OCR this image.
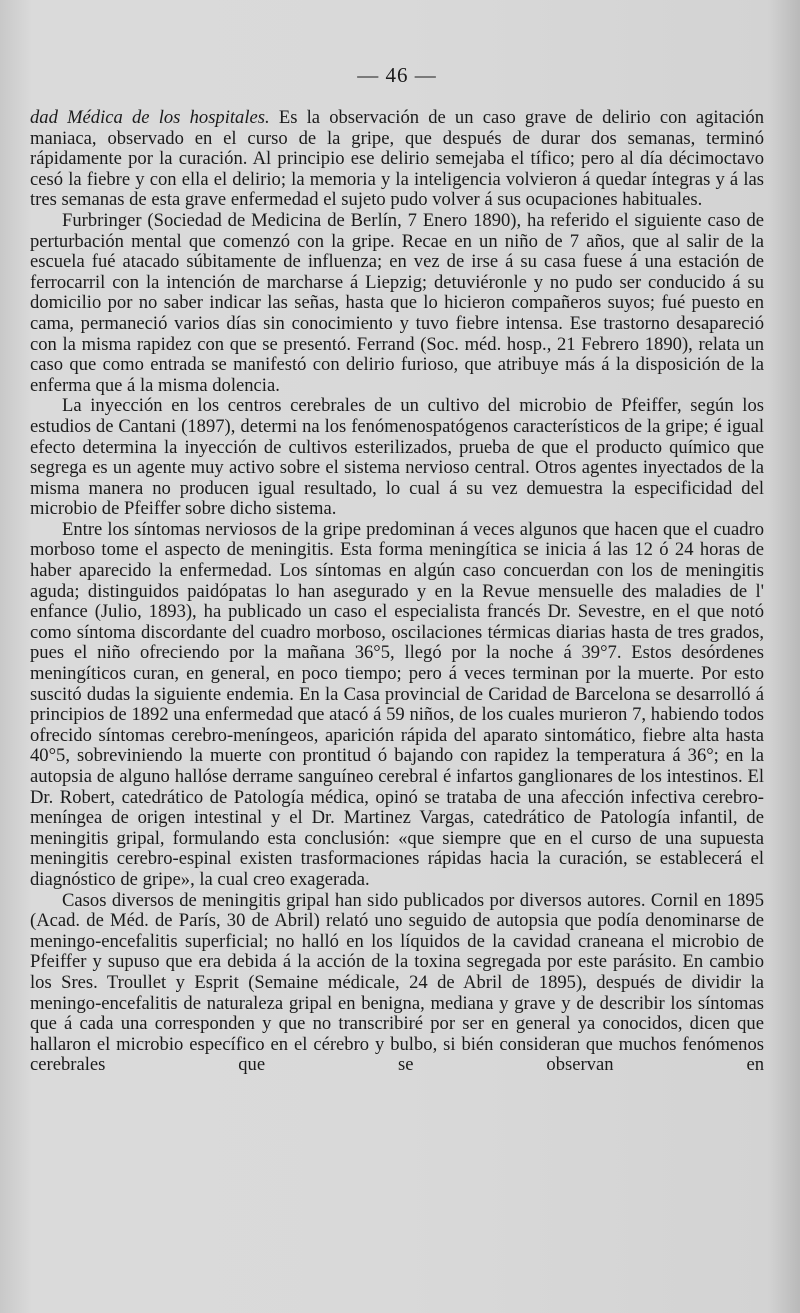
— 46 —

dad Médica de los hospitales. Es la observación de un caso grave de delirio con agitación maniaca, observado en el curso de la gripe, que después de durar dos semanas, terminó rápidamente por la curación. Al principio ese delirio semejaba el tífico; pero al día décimoctavo cesó la fiebre y con ella el delirio; la memoria y la inteligencia volvieron á quedar íntegras y á las tres semanas de esta grave enfermedad el sujeto pudo volver á sus ocupaciones habituales.

Furbringer (Sociedad de Medicina de Berlín, 7 Enero 1890), ha referido el siguiente caso de perturbación mental que comenzó con la gripe. Recae en un niño de 7 años, que al salir de la escuela fué atacado súbitamente de influenza; en vez de irse á su casa fuese á una estación de ferrocarril con la intención de marcharse á Liepzig; detuviéronle y no pudo ser conducido á su domicilio por no saber indicar las señas, hasta que lo hicieron compañeros suyos; fué puesto en cama, permaneció varios días sin conocimiento y tuvo fiebre intensa. Ese trastorno desapareció con la misma rapidez con que se presentó. Ferrand (Soc. méd. hosp., 21 Febrero 1890), relata un caso que como entrada se manifestó con delirio furioso, que atribuye más á la disposición de la enferma que á la misma dolencia.

La inyección en los centros cerebrales de un cultivo del microbio de Pfeiffer, según los estudios de Cantani (1897), determi na los fenómenospatógenos característicos de la gripe; é igual efecto determina la inyección de cultivos esterilizados, prueba de que el producto químico que segrega es un agente muy activo sobre el sistema nervioso central. Otros agentes inyectados de la misma manera no producen igual resultado, lo cual á su vez demuestra la especificidad del microbio de Pfeiffer sobre dicho sistema.

Entre los síntomas nerviosos de la gripe predominan á veces algunos que hacen que el cuadro morboso tome el aspecto de meningitis. Esta forma meningítica se inicia á las 12 ó 24 horas de haber aparecido la enfermedad. Los síntomas en algún caso concuerdan con los de meningitis aguda; distinguidos paidópatas lo han asegurado y en la Revue mensuelle des maladies de l' enfance (Julio, 1893), ha publicado un caso el especialista francés Dr. Sevestre, en el que notó como síntoma discordante del cuadro morboso, oscilaciones térmicas diarias hasta de tres grados, pues el niño ofreciendo por la mañana 36°5, llegó por la noche á 39°7. Estos desórdenes meningíticos curan, en general, en poco tiempo; pero á veces terminan por la muerte. Por esto suscitó dudas la siguiente endemia. En la Casa provincial de Caridad de Barcelona se desarrolló á principios de 1892 una enfermedad que atacó á 59 niños, de los cuales murieron 7, habiendo todos ofrecido síntomas cerebro-meníngeos, aparición rápida del aparato sintomático, fiebre alta hasta 40°5, sobreviniendo la muerte con prontitud ó bajando con rapidez la temperatura á 36°; en la autopsia de alguno hallóse derrame sanguíneo cerebral é infartos ganglionares de los intestinos. El Dr. Robert, catedrático de Patología médica, opinó se trataba de una afección infectiva cerebro-meníngea de origen intestinal y el Dr. Martinez Vargas, catedrático de Patología infantil, de meningitis gripal, formulando esta conclusión: «que siempre que en el curso de una supuesta meningitis cerebro-espinal existen trasformaciones rápidas hacia la curación, se establecerá el diagnóstico de gripe», la cual creo exagerada.

Casos diversos de meningitis gripal han sido publicados por diversos autores. Cornil en 1895 (Acad. de Méd. de París, 30 de Abril) relató uno seguido de autopsia que podía denominarse de meningo-encefalitis superficial; no halló en los líquidos de la cavidad craneana el microbio de Pfeiffer y supuso que era debida á la acción de la toxina segregada por este parásito. En cambio los Sres. Troullet y Esprit (Semaine médicale, 24 de Abril de 1895), después de dividir la meningo-encefalitis de naturaleza gripal en benigna, mediana y grave y de describir los síntomas que á cada una corresponden y que no transcribiré por ser en general ya conocidos, dicen que hallaron el microbio específico en el cérebro y bulbo, si bién consideran que muchos fenómenos cerebrales que se observan en
